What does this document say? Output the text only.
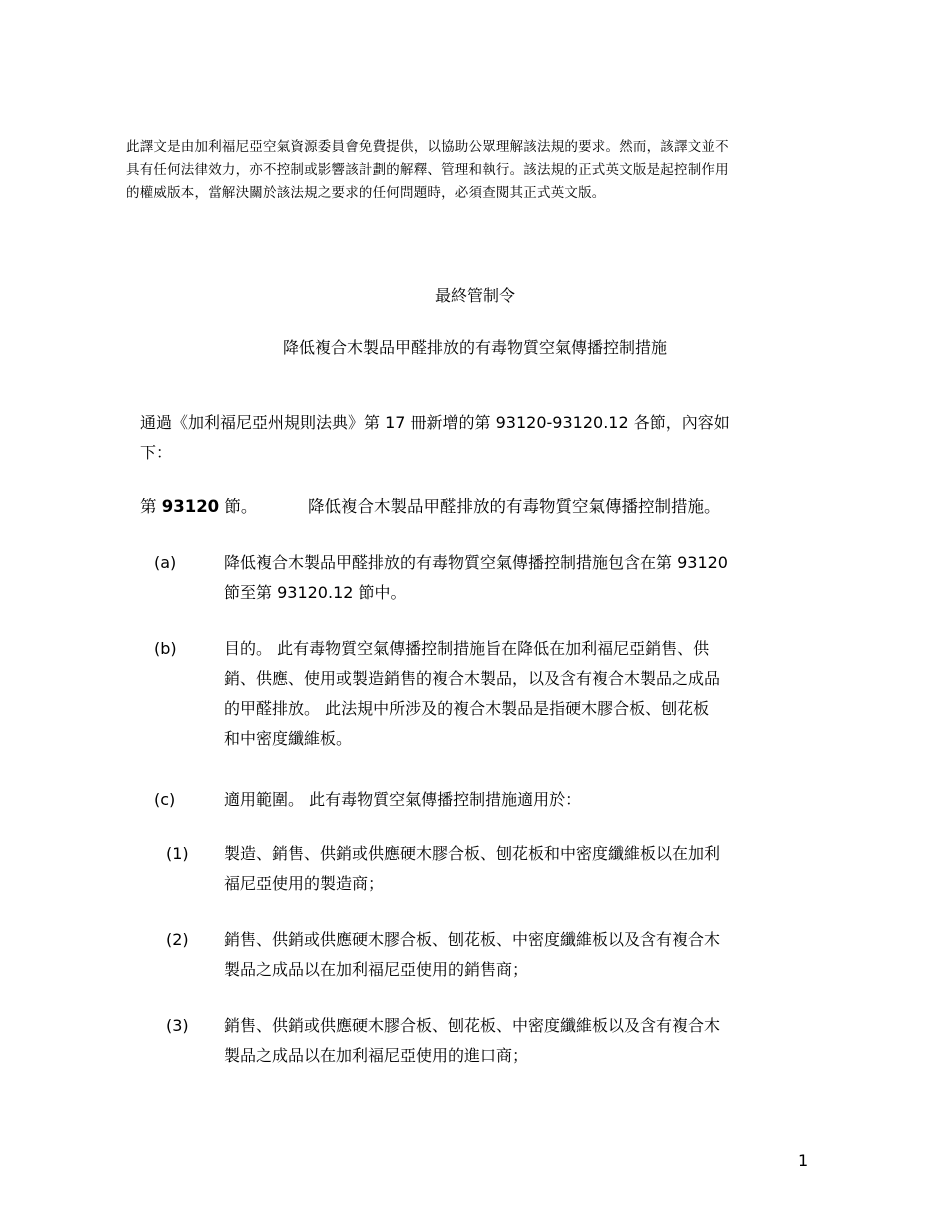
此譯文是由加利福尼亞空氣資源委員會免費提供，以協助公眾理解該法規的要求。然而，該譯文並不
具有任何法律效力，亦不控制或影響該計劃的解釋、管理和執行。該法規的正式英文版是起控制作用
的權威版本，當解決關於該法規之要求的任何問題時，必須查閱其正式英文版。
最終管制令
降低複合木製品甲醛排放的有毒物質空氣傳播控制措施
通過《加利福尼亞州規則法典》第 17 冊新增的第 93120-93120.12 各節，內容如
下：
第 93120 節。	降低複合木製品甲醛排放的有毒物質空氣傳播控制措施。
(a)	降低複合木製品甲醛排放的有毒物質空氣傳播控制措施包含在第 93120
節至第 93120.12 節中。
(b)	目的。 此有毒物質空氣傳播控制措施旨在降低在加利福尼亞銷售、供
銷、供應、使用或製造銷售的複合木製品，以及含有複合木製品之成品
的甲醛排放。 此法規中所涉及的複合木製品是指硬木膠合板、刨花板
和中密度纖維板。
(c)	適用範圍。 此有毒物質空氣傳播控制措施適用於：
(1) 製造、銷售、供銷或供應硬木膠合板、刨花板和中密度纖維板以在加利
福尼亞使用的製造商；
(2) 銷售、供銷或供應硬木膠合板、刨花板、中密度纖維板以及含有複合木
製品之成品以在加利福尼亞使用的銷售商；
(3) 銷售、供銷或供應硬木膠合板、刨花板、中密度纖維板以及含有複合木
製品之成品以在加利福尼亞使用的進口商；
1
